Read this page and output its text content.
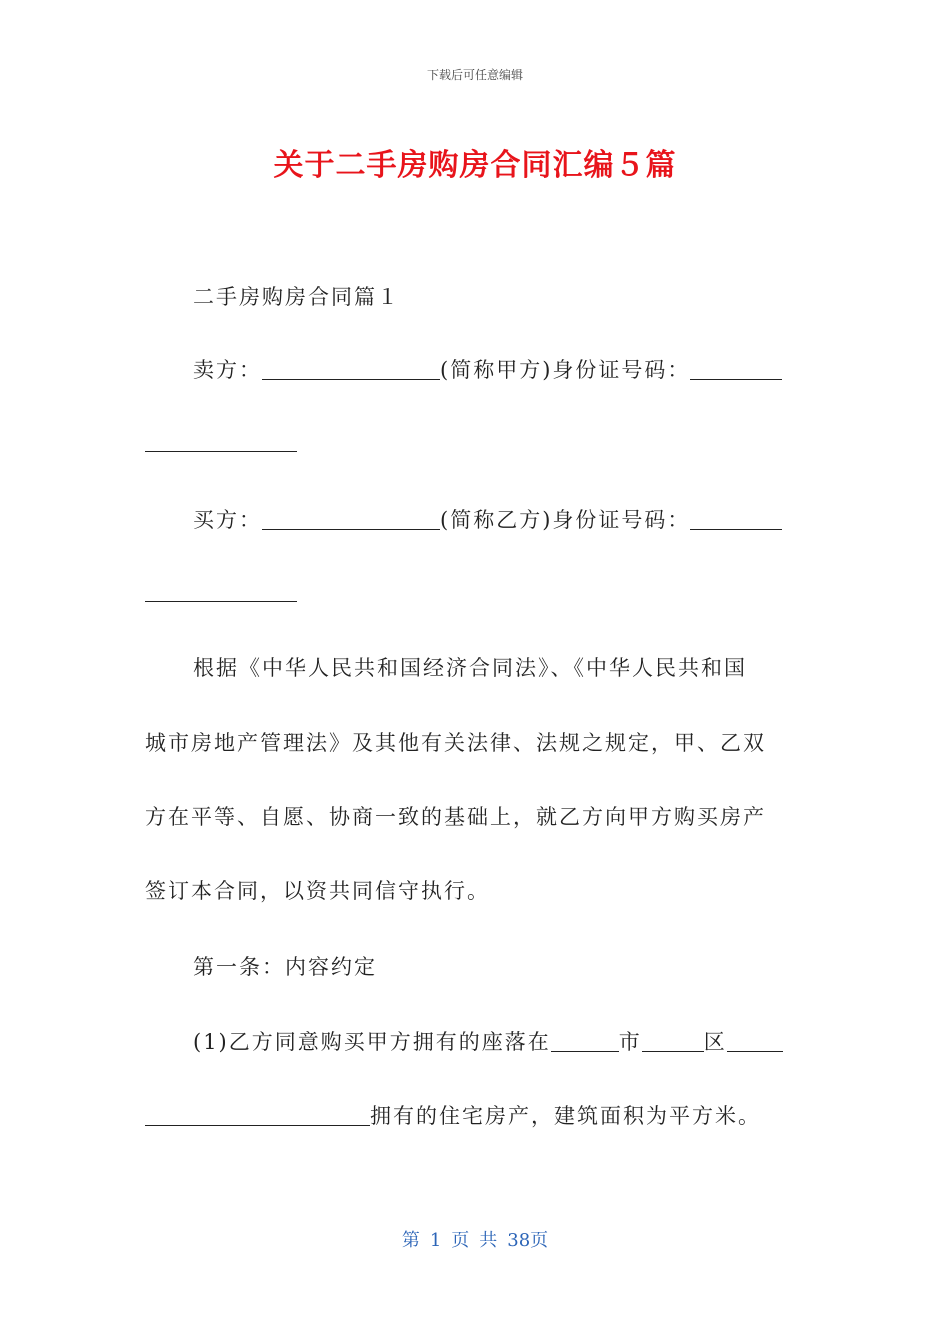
下载后可任意编辑
关于二手房购房合同汇编５篇
二手房购房合同篇１
卖方：	(简称甲方)身份证号码：
买方：	(简称乙方)身份证号码：
根据《中华人民共和国经济合同法》、《中华人民共和国
城市房地产管理法》及其他有关法律、法规之规定，甲、乙双
方在平等、自愿、协商一致的基础上，就乙方向甲方购买房产
签订本合同，以资共同信守执行。
第一条：内容约定
(1)乙方同意购买甲方拥有的座落在	市	区
拥有的住宅房产，建筑面积为平方米。
第 1 页 共 38页
